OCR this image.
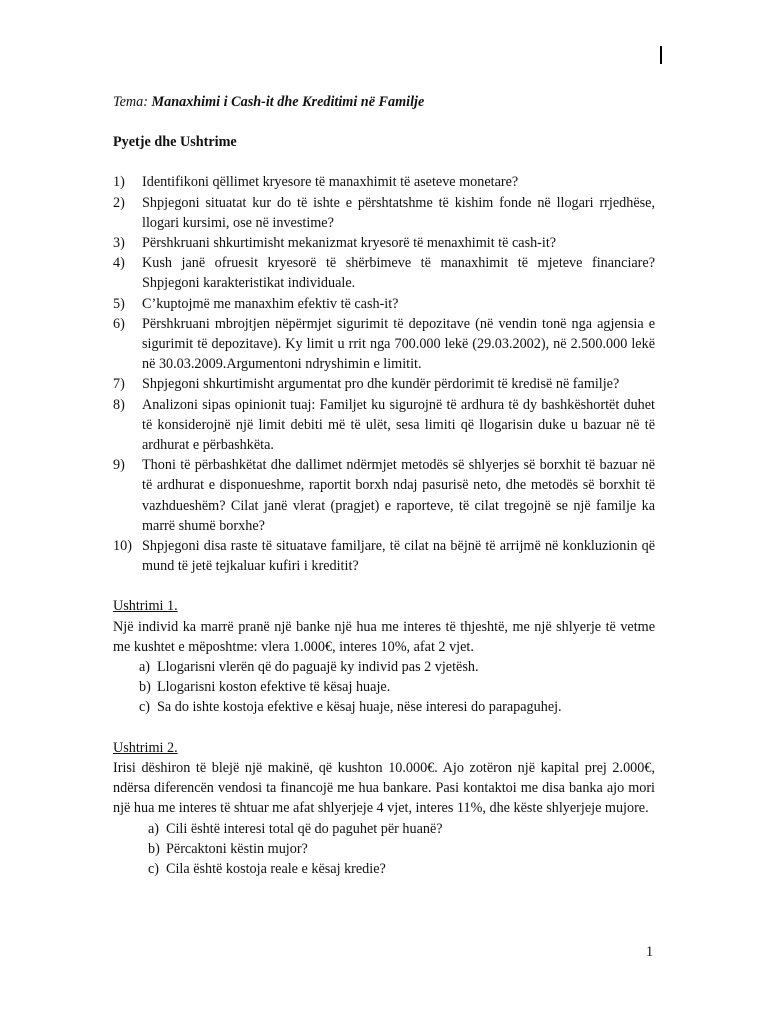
Tema: Manaxhimi i Cash-it dhe Kreditimi në Familje

Pyetje dhe Ushtrime

1) Identifikoni qëllimet kryesore të manaxhimit të aseteve monetare?
2) Shpjegoni situatat kur do të ishte e përshtatshme të kishim fonde në llogari rrjedhëse, llogari kursimi, ose në investime?
3) Përshkruani shkurtimisht mekanizmat kryesorë të menaxhimit të cash-it?
4) Kush janë ofruesit kryesorë të shërbimeve të manaxhimit të mjeteve financiare? Shpjegoni karakteristikat individuale.
5) C’kuptojmë me manaxhim efektiv të cash-it?
6) Përshkruani mbrojtjen nëpërmjet sigurimit të depozitave (në vendin tonë nga agjensia e sigurimit të depozitave). Ky limit u rrit nga 700.000 lekë (29.03.2002), në 2.500.000 lekë në 30.03.2009.Argumentoni ndryshimin e limitit.
7) Shpjegoni shkurtimisht argumentat pro dhe kundër përdorimit të kredisë në familje?
8) Analizoni sipas opinionit tuaj: Familjet ku sigurojnë të ardhura të dy bashkëshortët duhet të konsiderojnë një limit debiti më të ulët, sesa limiti që llogarisin duke u bazuar në të ardhurat e përbashkëta.
9) Thoni të përbashkëtat dhe dallimet ndërmjet metodës së shlyerjes së borxhit të bazuar në të ardhurat e disponueshme, raportit borxh ndaj pasurisë neto, dhe metodës së borxhit të vazhdueshëm? Cilat janë vlerat (pragjet) e raporteve, të cilat tregojnë se një familje ka marrë shumë borxhe?
10) Shpjegoni disa raste të situatave familjare, të cilat na bëjnë të arrijmë në konkluzionin që mund të jetë tejkaluar kufiri i kreditit?

Ushtrimi 1.

Një individ ka marrë pranë një banke një hua me interes të thjeshtë, me një shlyerje të vetme me kushtet e mëposhtme: vlera 1.000€, interes 10%, afat 2 vjet.

a) Llogarisni vlerën që do paguajë ky individ pas 2 vjetësh.
b) Llogarisni koston efektive të kësaj huaje.
c) Sa do ishte kostoja efektive e kësaj huaje, nëse interesi do parapaguhej.

Ushtrimi 2.

Irisi dëshiron të blejë një makinë, që kushton 10.000€. Ajo zotëron një kapital prej 2.000€, ndërsa diferencën vendosi ta financojë me hua bankare. Pasi kontaktoi me disa banka ajo mori një hua me interes të shtuar me afat shlyerjeje 4 vjet, interes 11%, dhe këste shlyerjeje mujore.

a) Cili është interesi total që do paguhet për huanë?
b) Përcaktoni këstin mujor?
c) Cila është kostoja reale e kësaj kredie?
1
